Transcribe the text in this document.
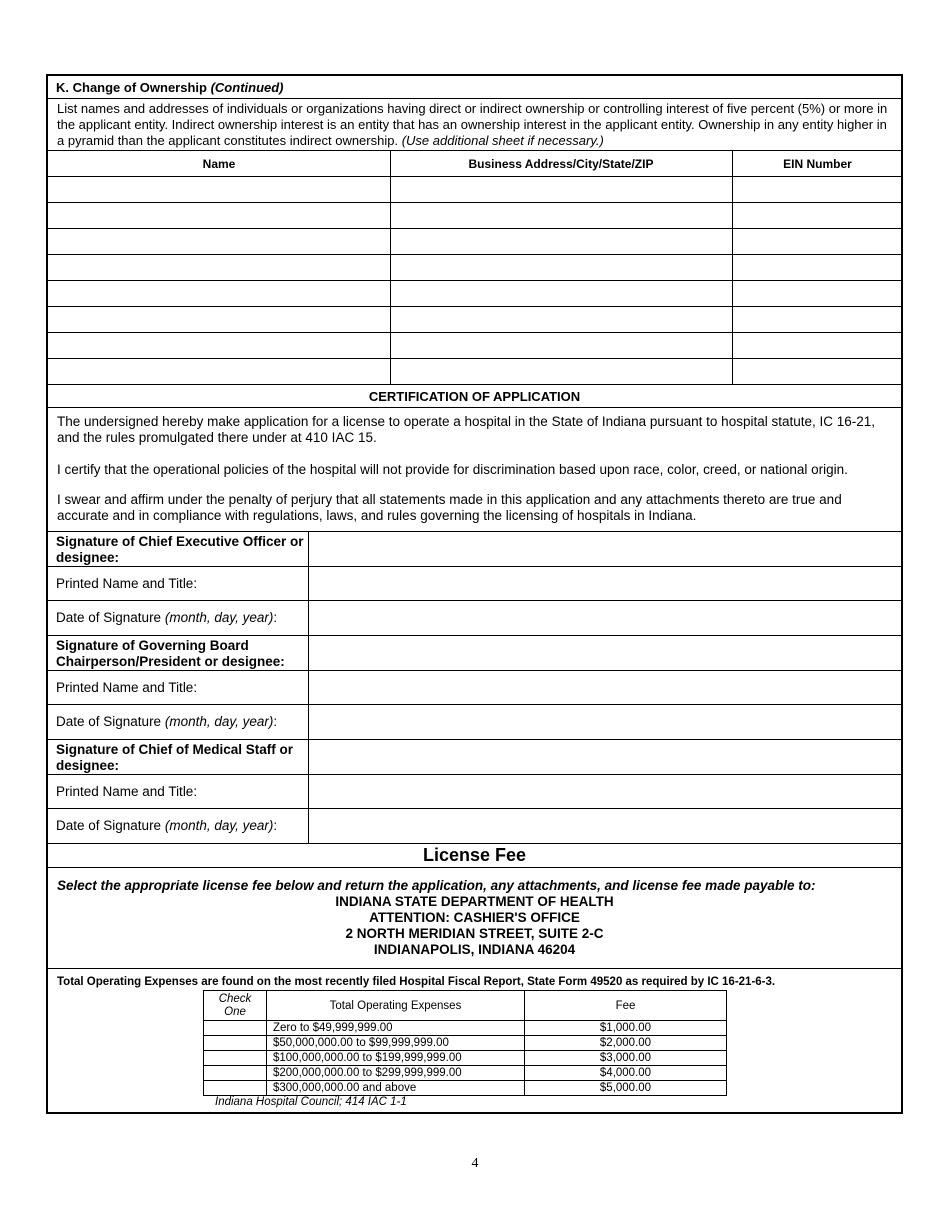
K. Change of Ownership (Continued)
List names and addresses of individuals or organizations having direct or indirect ownership or controlling interest of five percent (5%) or more in the applicant entity. Indirect ownership interest is an entity that has an ownership interest in the applicant entity. Ownership in any entity higher in a pyramid than the applicant constitutes indirect ownership. (Use additional sheet if necessary.)
Name	Business Address/City/State/ZIP	EIN Number
CERTIFICATION OF APPLICATION

The undersigned hereby make application for a license to operate a hospital in the State of Indiana pursuant to hospital statute, IC 16-21, and the rules promulgated there under at 410 IAC 15.

I certify that the operational policies of the hospital will not provide for discrimination based upon race, color, creed, or national origin.

I swear and affirm under the penalty of perjury that all statements made in this application and any attachments thereto are true and accurate and in compliance with regulations, laws, and rules governing the licensing of hospitals in Indiana.

Signature of Chief Executive Officer or designee:
Printed Name and Title:
Date of Signature (month, day, year):
Signature of Governing Board Chairperson/President or designee:
Printed Name and Title:
Date of Signature (month, day, year):
Signature of Chief of Medical Staff or designee:
Printed Name and Title:
Date of Signature (month, day, year):
License Fee
Select the appropriate license fee below and return the application, any attachments, and license fee made payable to:
INDIANA STATE DEPARTMENT OF HEALTH
ATTENTION: CASHIER'S OFFICE
2 NORTH MERIDIAN STREET, SUITE 2-C
INDIANAPOLIS, INDIANA 46204
Total Operating Expenses are found on the most recently filed Hospital Fiscal Report, State Form 49520 as required by IC 16-21-6-3.
Check One	Total Operating Expenses	Fee
	Zero to $49,999,999.00	$1,000.00
	$50,000,000.00 to $99,999,999.00	$2,000.00
	$100,000,000.00 to $199,999,999.00	$3,000.00
	$200,000,000.00 to $299,999,999.00	$4,000.00
	$300,000,000.00 and above	$5,000.00
Indiana Hospital Council; 414 IAC 1-1
4
